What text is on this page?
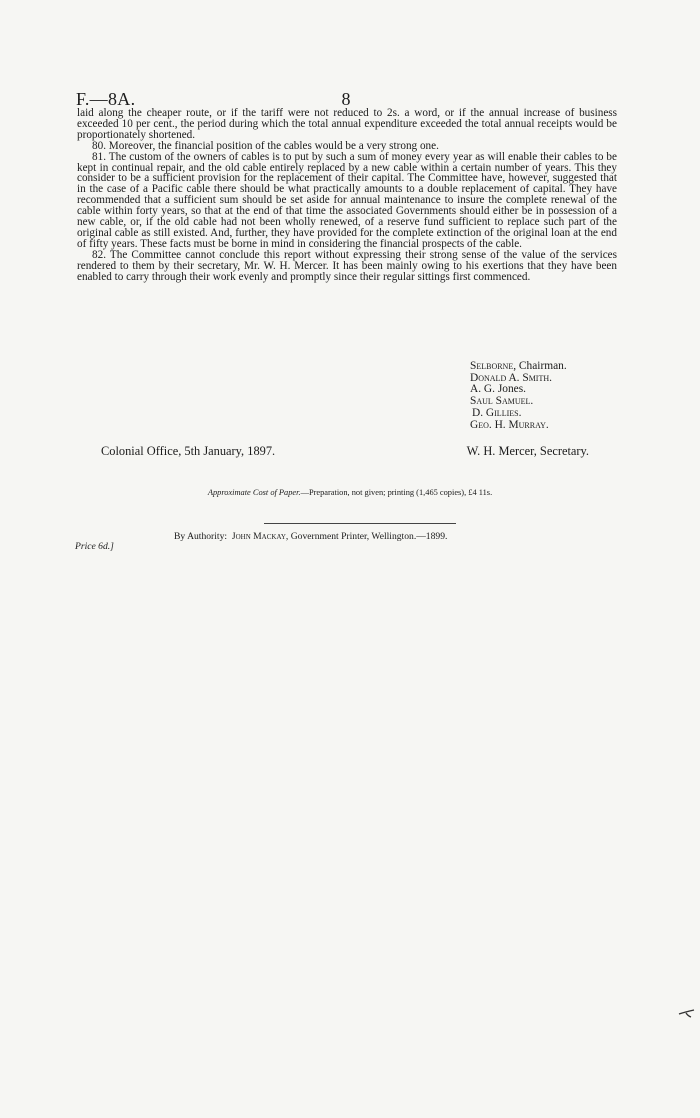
F.—8A.	8

laid along the cheaper route, or if the tariff were not reduced to 2s. a word, or if the annual increase of business exceeded 10 per cent., the period during which the total annual expenditure exceeded the total annual receipts would be proportionately shortened.

80. Moreover, the financial position of the cables would be a very strong one.

81. The custom of the owners of cables is to put by such a sum of money every year as will enable their cables to be kept in continual repair, and the old cable entirely replaced by a new cable within a certain number of years. This they consider to be a sufficient provision for the replacement of their capital. The Committee have, however, suggested that in the case of a Pacific cable there should be what practically amounts to a double replacement of capital. They have recommended that a sufficient sum should be set aside for annual maintenance to insure the complete renewal of the cable within forty years, so that at the end of that time the associated Governments should either be in possession of a new cable, or, if the old cable had not been wholly renewed, of a reserve fund sufficient to replace such part of the original cable as still existed. And, further, they have provided for the complete extinction of the original loan at the end of fifty years. These facts must be borne in mind in considering the financial prospects of the cable.

82. The Committee cannot conclude this report without expressing their strong sense of the value of the services rendered to them by their secretary, Mr. W. H. Mercer. It has been mainly owing to his exertions that they have been enabled to carry through their work evenly and promptly since their regular sittings first commenced.

Selborne, Chairman.
Donald A. Smith.
A. G. Jones.
Saul Samuel.
D. Gillies.
Geo. H. Murray.
Colonial Office, 5th January, 1897.	W. H. Mercer, Secretary.
Approximate Cost of Paper.—Preparation, not given; printing (1,465 copies), £4 11s.
By Authority: John Mackay, Government Printer, Wellington.—1899.
Price 6d.]
